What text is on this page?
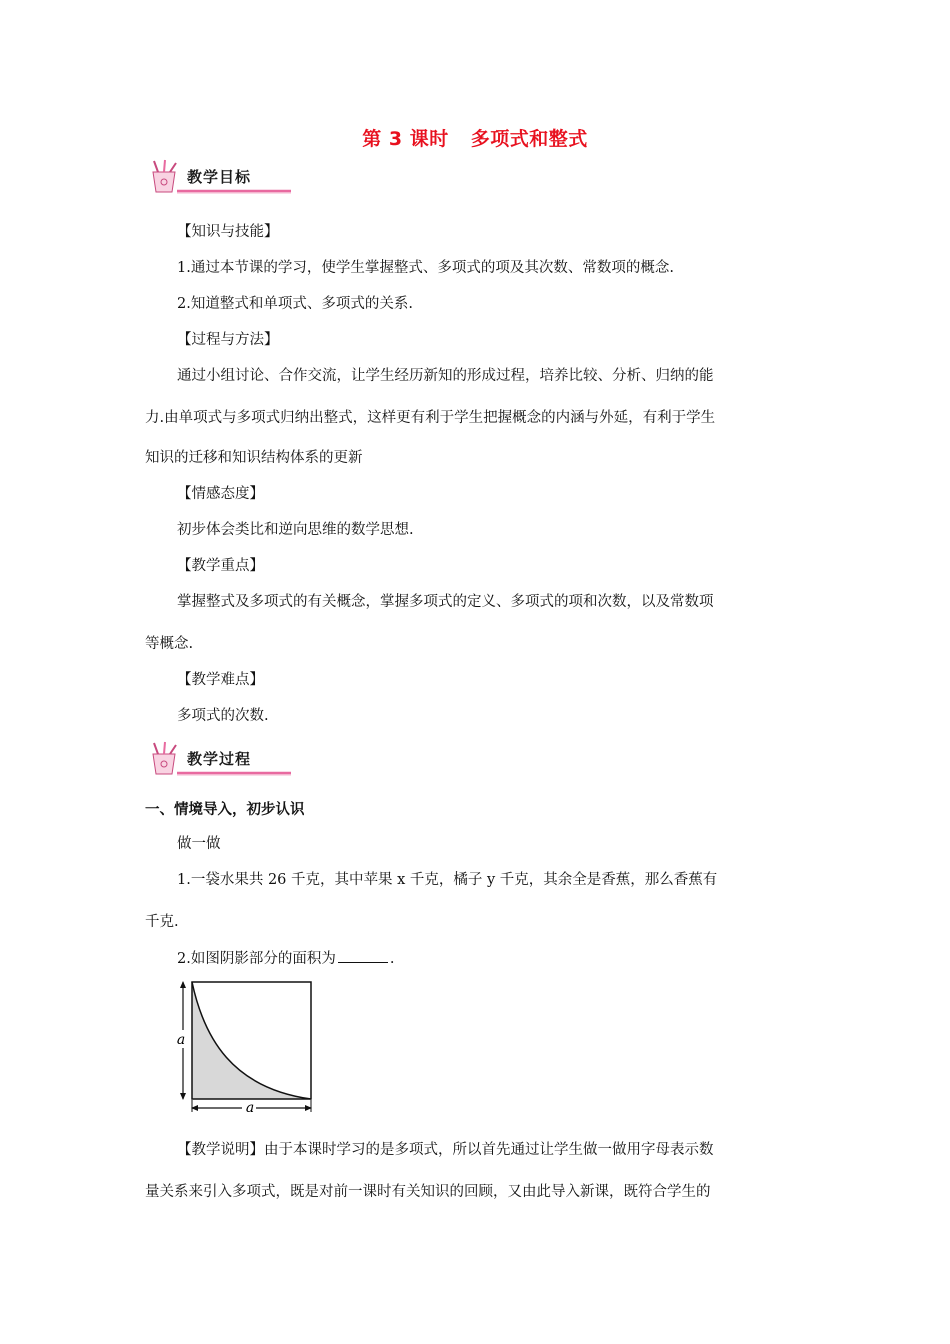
第 3 课时 多项式和整式
教学目标
【知识与技能】
1.通过本节课的学习，使学生掌握整式、多项式的项及其次数、常数项的概念.
2.知道整式和单项式、多项式的关系.
【过程与方法】
通过小组讨论、合作交流，让学生经历新知的形成过程，培养比较、分析、归纳的能
力.由单项式与多项式归纳出整式，这样更有利于学生把握概念的内涵与外延，有利于学生
知识的迁移和知识结构体系的更新
【情感态度】
初步体会类比和逆向思维的数学思想.
【教学重点】
掌握整式及多项式的有关概念，掌握多项式的定义、多项式的项和次数，以及常数项
等概念.
【教学难点】
多项式的次数.
教学过程
一、情境导入，初步认识
做一做
1.一袋水果共 26 千克，其中苹果 x 千克，橘子 y 千克，其余全是香蕉，那么香蕉有
千克.
2.如图阴影部分的面积为	.
a
a
【教学说明】由于本课时学习的是多项式，所以首先通过让学生做一做用字母表示数
量关系来引入多项式，既是对前一课时有关知识的回顾，又由此导入新课，既符合学生的
